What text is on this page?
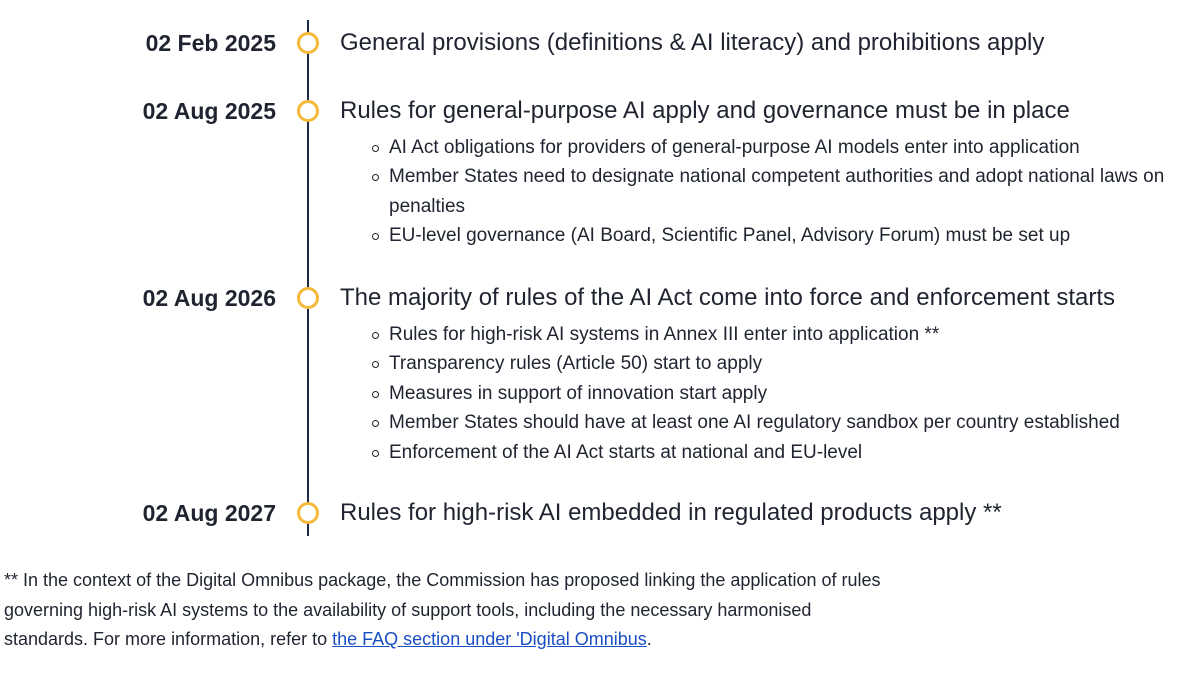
02 Feb 2025	General provisions (definitions & AI literacy) and prohibitions apply
02 Aug 2025	Rules for general-purpose AI apply and governance must be in place
AI Act obligations for providers of general-purpose AI models enter into application
Member States need to designate national competent authorities and adopt national laws on penalties
EU-level governance (AI Board, Scientific Panel, Advisory Forum) must be set up
02 Aug 2026	The majority of rules of the AI Act come into force and enforcement starts
Rules for high-risk AI systems in Annex III enter into application **
Transparency rules (Article 50) start to apply
Measures in support of innovation start apply
Member States should have at least one AI regulatory sandbox per country established
Enforcement of the AI Act starts at national and EU-level
02 Aug 2027	Rules for high-risk AI embedded in regulated products apply **

** In the context of the Digital Omnibus package, the Commission has proposed linking the application of rules governing high-risk AI systems to the availability of support tools, including the necessary harmonised standards. For more information, refer to the FAQ section under 'Digital Omnibus.
